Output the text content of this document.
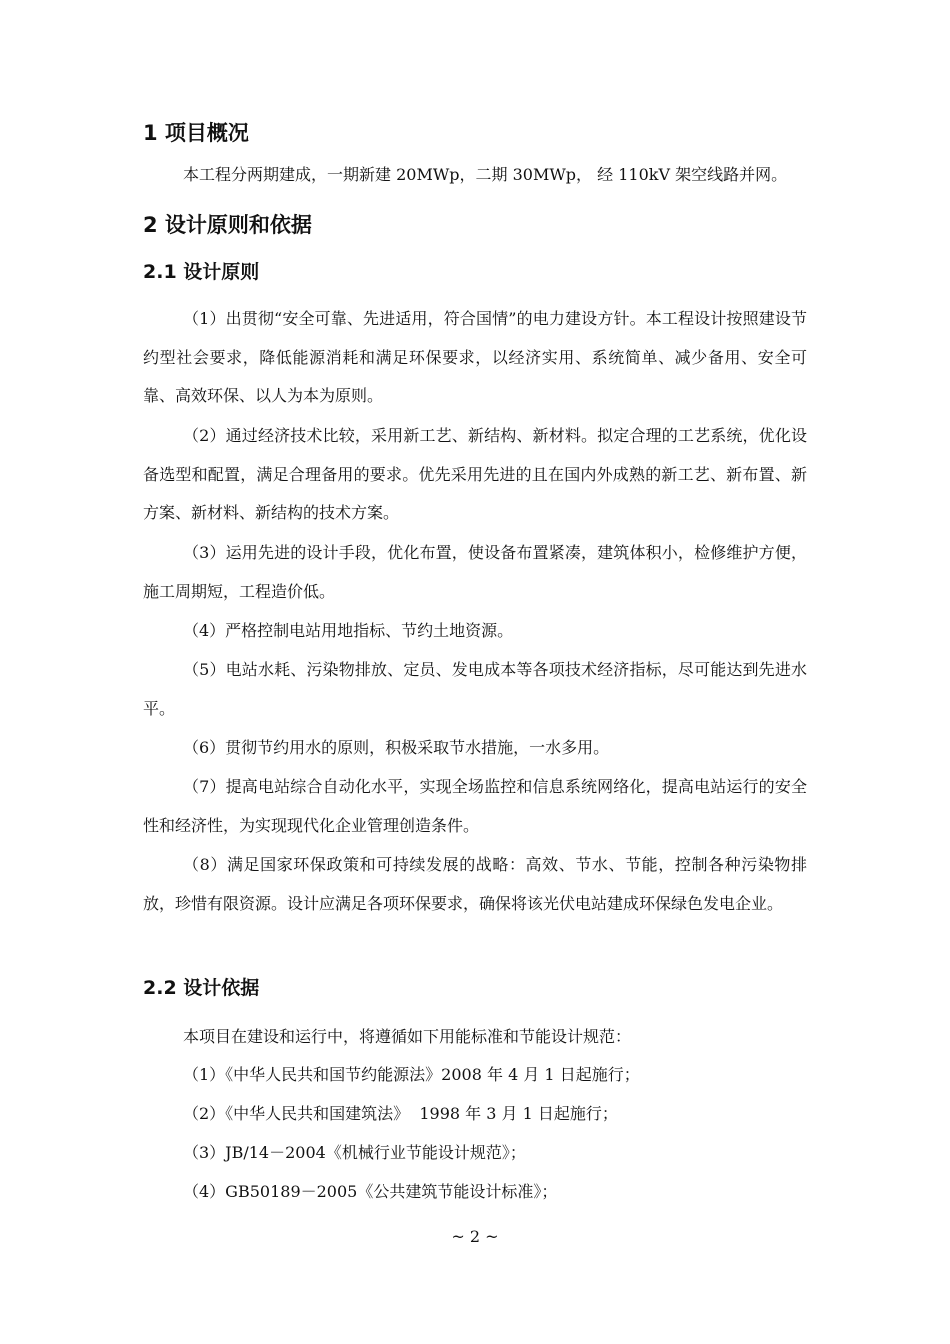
1 项目概况
本工程分两期建成，一期新建 20MWp，二期 30MWp， 经 110kV 架空线路并网。
2 设计原则和依据
2.1 设计原则
（1）出贯彻“安全可靠、先进适用，符合国情”的电力建设方针。本工程设计按照建设节约型社会要求，降低能源消耗和满足环保要求，以经济实用、系统简单、减少备用、安全可靠、高效环保、以人为本为原则。
（2）通过经济技术比较，采用新工艺、新结构、新材料。拟定合理的工艺系统，优化设备选型和配置，满足合理备用的要求。优先采用先进的且在国内外成熟的新工艺、新布置、新方案、新材料、新结构的技术方案。
（3）运用先进的设计手段，优化布置，使设备布置紧凑，建筑体积小，检修维护方便，施工周期短，工程造价低。
（4）严格控制电站用地指标、节约土地资源。
（5）电站水耗、污染物排放、定员、发电成本等各项技术经济指标，尽可能达到先进水平。
（6）贯彻节约用水的原则，积极采取节水措施，一水多用。
（7）提高电站综合自动化水平，实现全场监控和信息系统网络化，提高电站运行的安全性和经济性，为实现现代化企业管理创造条件。
（8）满足国家环保政策和可持续发展的战略：高效、节水、节能，控制各种污染物排放，珍惜有限资源。设计应满足各项环保要求，确保将该光伏电站建成环保绿色发电企业。
2.2 设计依据
本项目在建设和运行中，将遵循如下用能标准和节能设计规范：
（1）《中华人民共和国节约能源法》2008 年 4 月 1 日起施行；
（2）《中华人民共和国建筑法》  1998 年 3 月 1 日起施行；
（3）JB/14－2004《机械行业节能设计规范》；
（4）GB50189－2005《公共建筑节能设计标准》；
~ 2 ~
